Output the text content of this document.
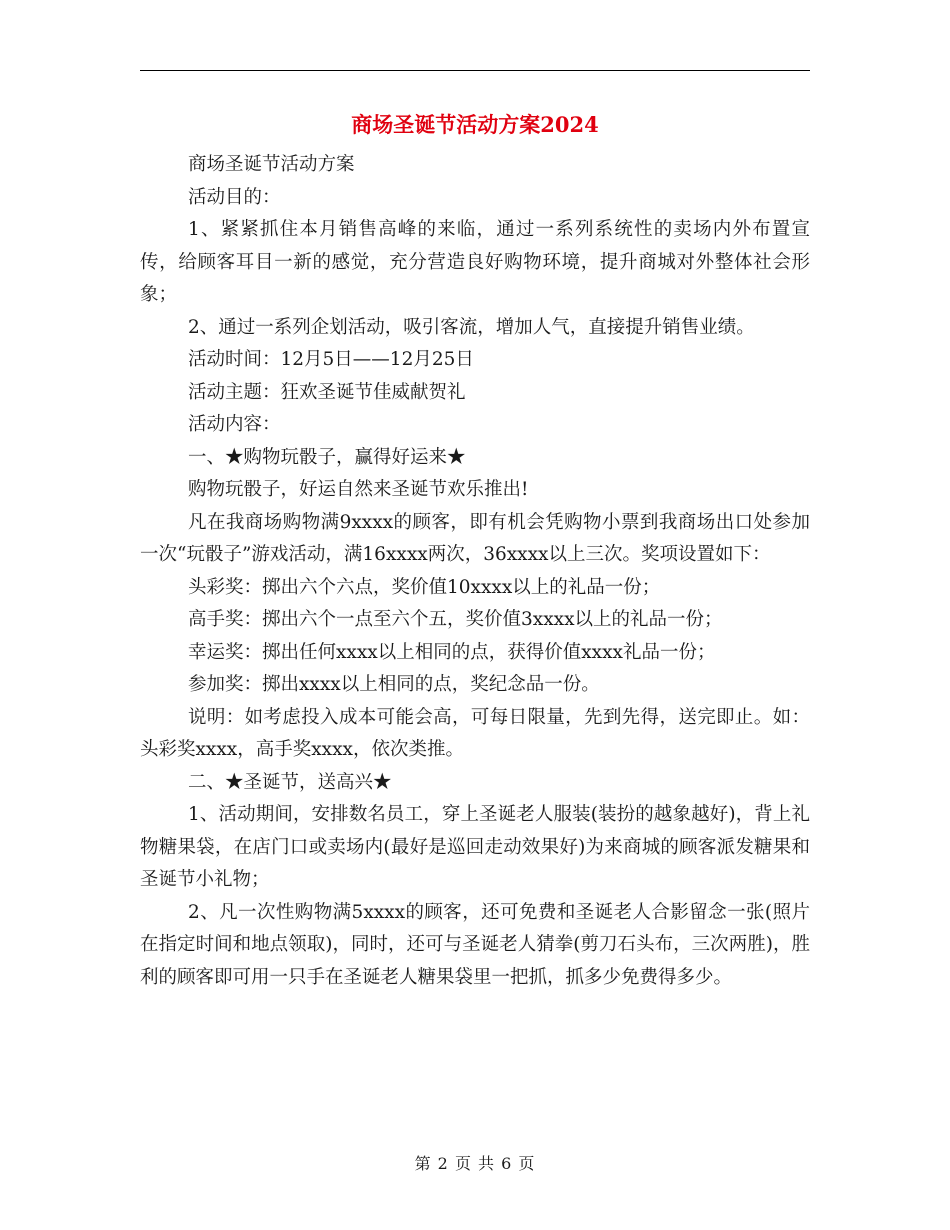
商场圣诞节活动方案2024

商场圣诞节活动方案

活动目的：

1、紧紧抓住本月销售高峰的来临，通过一系列系统性的卖场内外布置宣传，给顾客耳目一新的感觉，充分营造良好购物环境，提升商城对外整体社会形象；

2、通过一系列企划活动，吸引客流，增加人气，直接提升销售业绩。

活动时间：12月5日——12月25日

活动主题：狂欢圣诞节佳威献贺礼

活动内容：

一、★购物玩骰子，赢得好运来★

购物玩骰子，好运自然来圣诞节欢乐推出!

凡在我商场购物满9xxxx的顾客，即有机会凭购物小票到我商场出口处参加一次“玩骰子”游戏活动，满16xxxx两次，36xxxx以上三次。奖项设置如下：

头彩奖：掷出六个六点，奖价值10xxxx以上的礼品一份；

高手奖：掷出六个一点至六个五，奖价值3xxxx以上的礼品一份；

幸运奖：掷出任何xxxx以上相同的点，获得价值xxxx礼品一份；

参加奖：掷出xxxx以上相同的点，奖纪念品一份。

说明：如考虑投入成本可能会高，可每日限量，先到先得，送完即止。如：头彩奖xxxx，高手奖xxxx，依次类推。

二、★圣诞节，送高兴★

1、活动期间，安排数名员工，穿上圣诞老人服装(装扮的越象越好)，背上礼物糖果袋，在店门口或卖场内(最好是巡回走动效果好)为来商城的顾客派发糖果和圣诞节小礼物；

2、凡一次性购物满5xxxx的顾客，还可免费和圣诞老人合影留念一张(照片在指定时间和地点领取)，同时，还可与圣诞老人猜拳(剪刀石头布，三次两胜)，胜利的顾客即可用一只手在圣诞老人糖果袋里一把抓，抓多少免费得多少。

第 2 页 共 6 页
